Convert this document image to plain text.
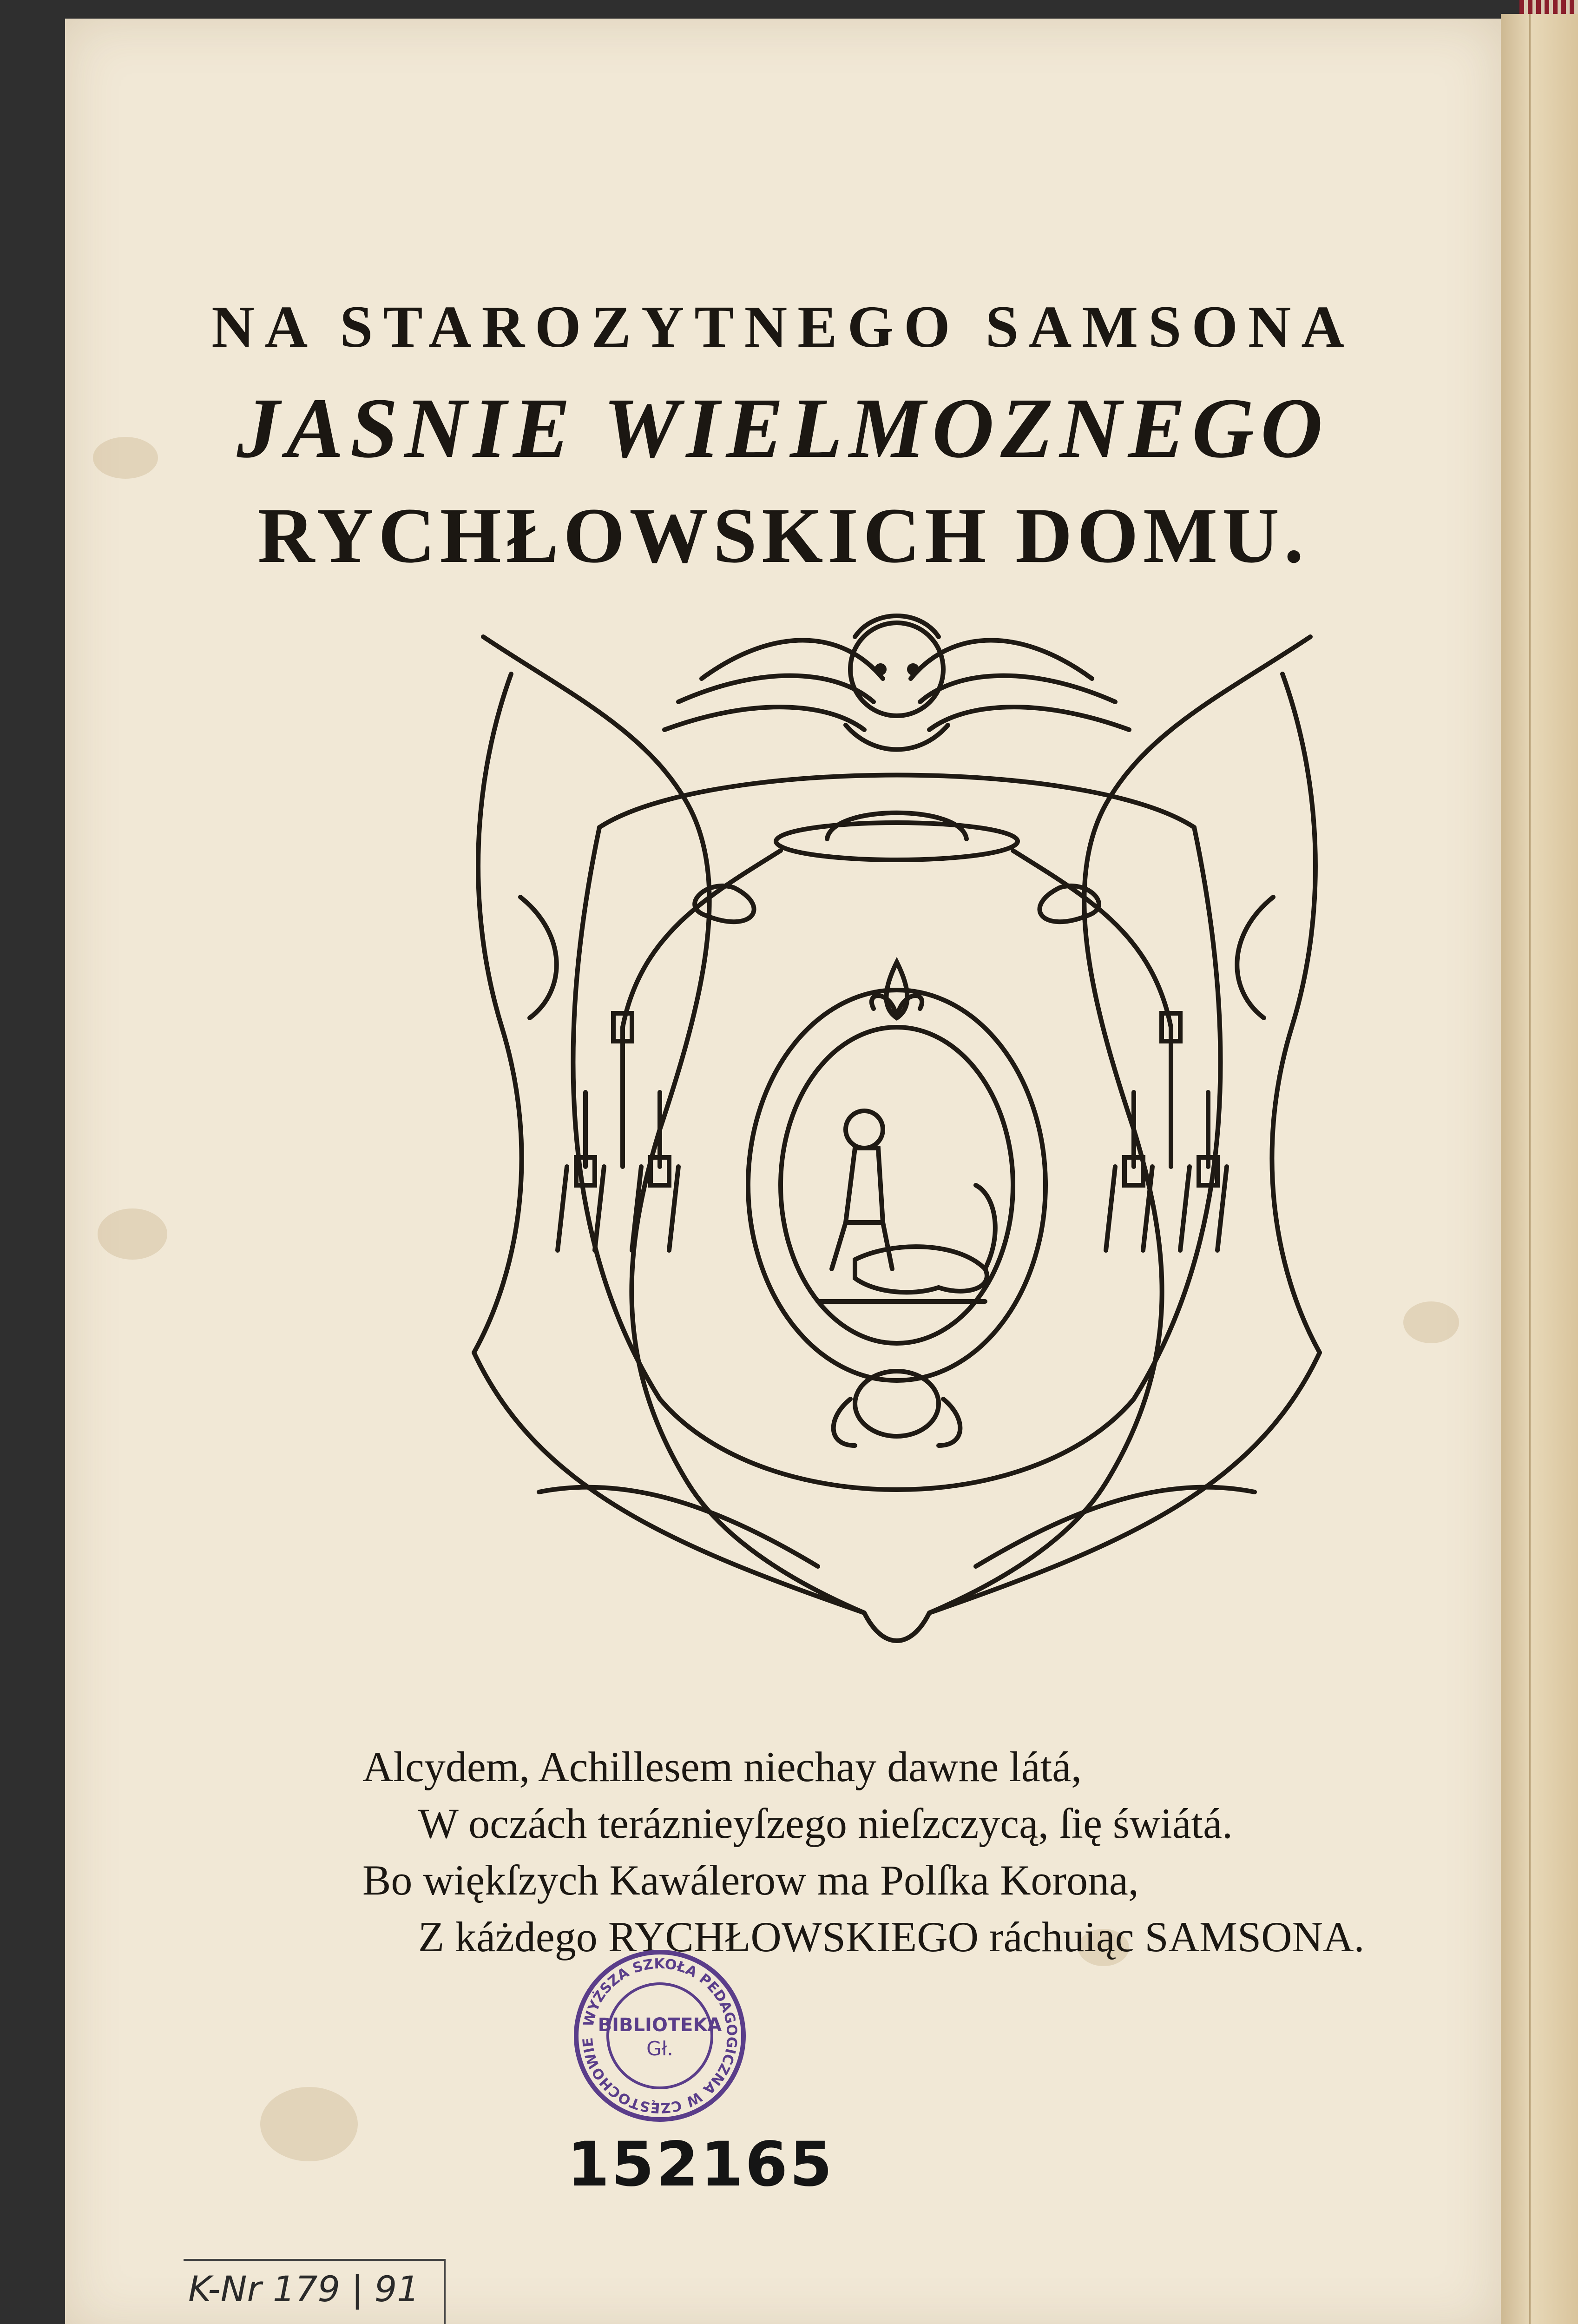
NA STAROZYTNEGO SAMSONA
JASNIE WIELMOZNEGO
RYCHŁOWSKICH DOMU.
Alcydem, Achillesem niechay dawne látá,
W oczách teráznieyſzego nieſzczycą, ſię świátá.
Bo więkſzych Kawálerow ma Polſka Korona,
Z káżdego RYCHŁOWSKIEGO ráchuiąc SAMSONA.
WYŻSZA SZKOŁA PEDAGOGICZNA W CZĘSTOCHOWIE
BIBLIOTEKA
Gł.
152165
K-Nr 179 | 91
